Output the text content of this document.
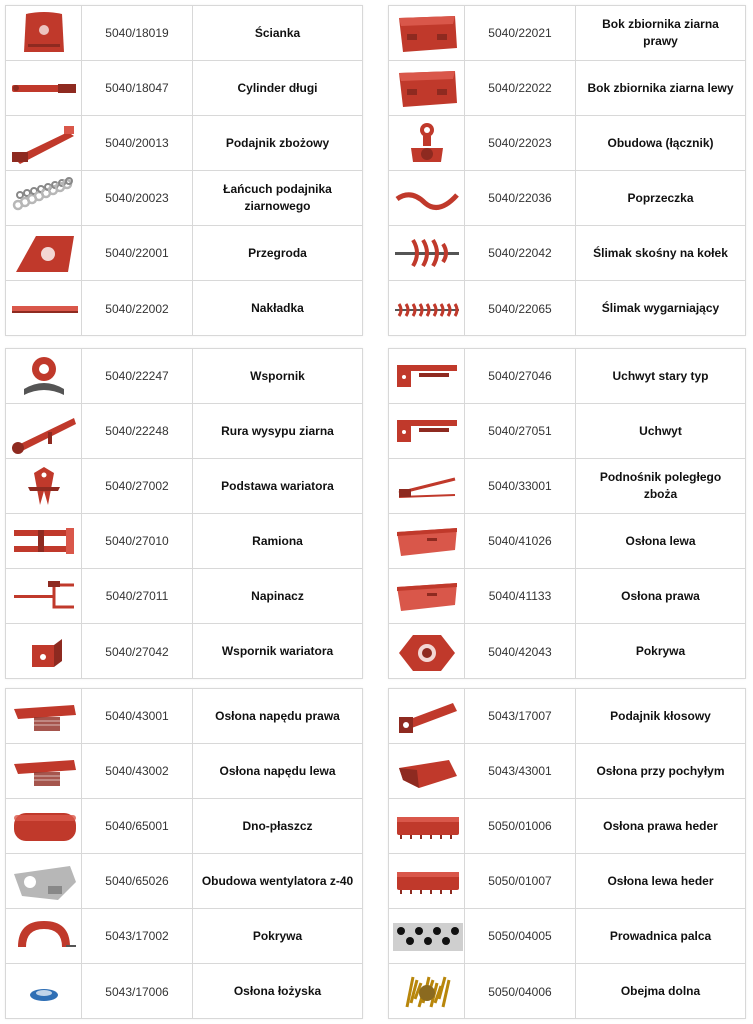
5040/18019	Ścianka
5040/18047	Cylinder długi
5040/20013	Podajnik zbożowy
5040/20023
Łańcuch podajnika ziarnowego
5040/22001	Przegroda
5040/22002	Nakładka
5040/22021
Bok zbiornika ziarna prawy
5040/22022	Bok zbiornika ziarna lewy
5040/22023	Obudowa (łącznik)
5040/22036	Poprzeczka
5040/22042	Ślimak skośny na kołek
5040/22065	Ślimak wygarniający
5040/22247	Wspornik
5040/22248	Rura wysypu ziarna
5040/27002	Podstawa wariatora
5040/27010	Ramiona
5040/27011	Napinacz
5040/27042	Wspornik wariatora
5040/27046	Uchwyt stary typ
5040/27051	Uchwyt
5040/33001
Podnośnik poległego zboża
5040/41026	Osłona lewa
5040/41133	Osłona prawa
5040/42043	Pokrywa
5040/43001	Osłona napędu prawa
5040/43002	Osłona napędu lewa
5040/65001	Dno-płaszcz
5040/65026	Obudowa wentylatora z-40
5043/17002	Pokrywa
5043/17006	Osłona łożyska
5043/17007	Podajnik kłosowy
5043/43001	Osłona przy pochyłym
5050/01006	Osłona prawa heder
5050/01007	Osłona lewa heder
5050/04005	Prowadnica palca
5050/04006	Obejma dolna
